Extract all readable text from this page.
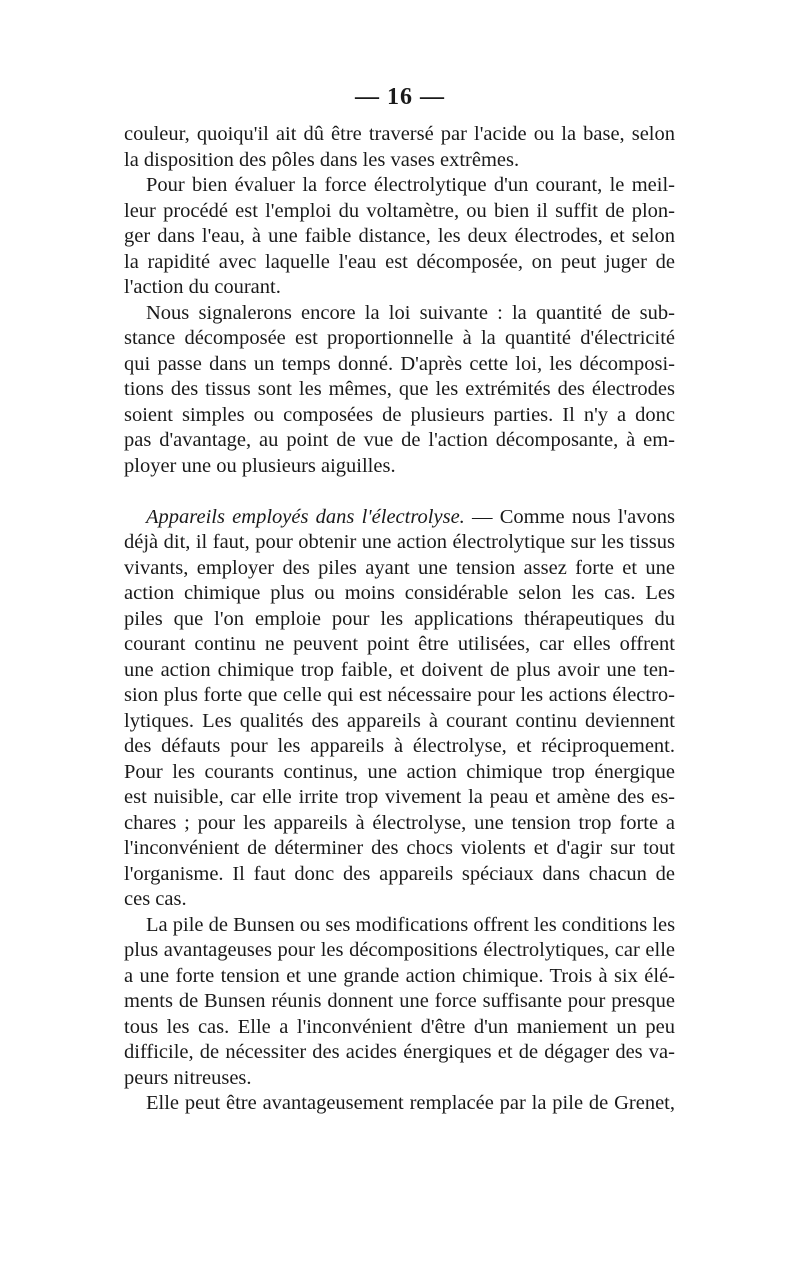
— 16 —
couleur, quoiqu'il ait dû être traversé par l'acide ou la base, selon
la disposition des pôles dans les vases extrêmes.
Pour bien évaluer la force électrolytique d'un courant, le meil-
leur procédé est l'emploi du voltamètre, ou bien il suffit de plon-
ger dans l'eau, à une faible distance, les deux électrodes, et selon
la rapidité avec laquelle l'eau est décomposée, on peut juger de
l'action du courant.
Nous signalerons encore la loi suivante : la quantité de sub-
stance décomposée est proportionnelle à la quantité d'électricité
qui passe dans un temps donné. D'après cette loi, les décomposi-
tions des tissus sont les mêmes, que les extrémités des électrodes
soient simples ou composées de plusieurs parties. Il n'y a donc
pas d'avantage, au point de vue de l'action décomposante, à em-
ployer une ou plusieurs aiguilles.
Appareils employés dans l'électrolyse. — Comme nous l'avons
déjà dit, il faut, pour obtenir une action électrolytique sur les tissus
vivants, employer des piles ayant une tension assez forte et une
action chimique plus ou moins considérable selon les cas. Les
piles que l'on emploie pour les applications thérapeutiques du
courant continu ne peuvent point être utilisées, car elles offrent
une action chimique trop faible, et doivent de plus avoir une ten-
sion plus forte que celle qui est nécessaire pour les actions électro-
lytiques. Les qualités des appareils à courant continu deviennent
des défauts pour les appareils à électrolyse, et réciproquement.
Pour les courants continus, une action chimique trop énergique
est nuisible, car elle irrite trop vivement la peau et amène des es-
chares ; pour les appareils à électrolyse, une tension trop forte a
l'inconvénient de déterminer des chocs violents et d'agir sur tout
l'organisme. Il faut donc des appareils spéciaux dans chacun de
ces cas.
La pile de Bunsen ou ses modifications offrent les conditions les
plus avantageuses pour les décompositions électrolytiques, car elle
a une forte tension et une grande action chimique. Trois à six élé-
ments de Bunsen réunis donnent une force suffisante pour presque
tous les cas. Elle a l'inconvénient d'être d'un maniement un peu
difficile, de nécessiter des acides énergiques et de dégager des va-
peurs nitreuses.
Elle peut être avantageusement remplacée par la pile de Grenet,
